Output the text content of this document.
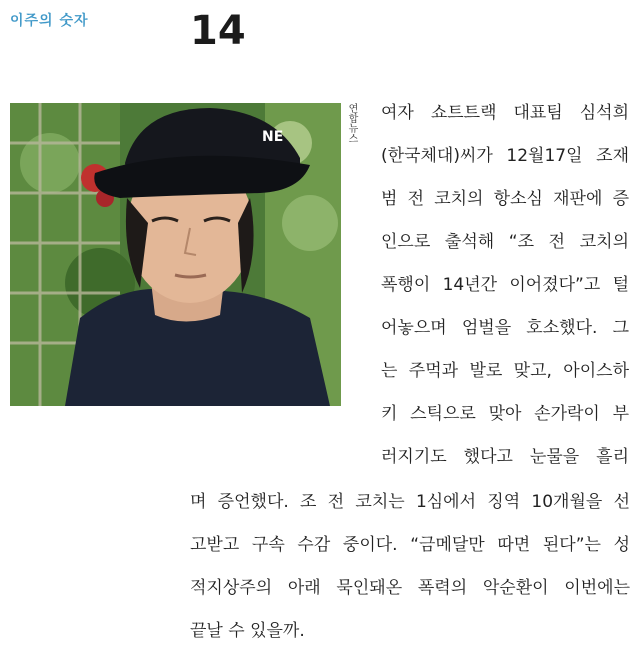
이주의 숫자	14
NE	연합뉴스 여자 쇼트트랙 대표팀 심석희
(한국체대)씨가 12월17일 조재
범 전 코치의 항소심 재판에 증
인으로 출석해 “조 전 코치의
폭행이 14년간 이어졌다”고 털
어놓으며 엄벌을 호소했다. 그
는 주먹과 발로 맞고, 아이스하
키 스틱으로 맞아 손가락이 부
러지기도 했다고 눈물을 흘리
며 증언했다. 조 전 코치는 1심에서 징역 10개월을 선
고받고 구속 수감 중이다. “금메달만 따면 된다”는 성
적지상주의 아래 묵인돼온 폭력의 악순환이 이번에는
끝날 수 있을까.
